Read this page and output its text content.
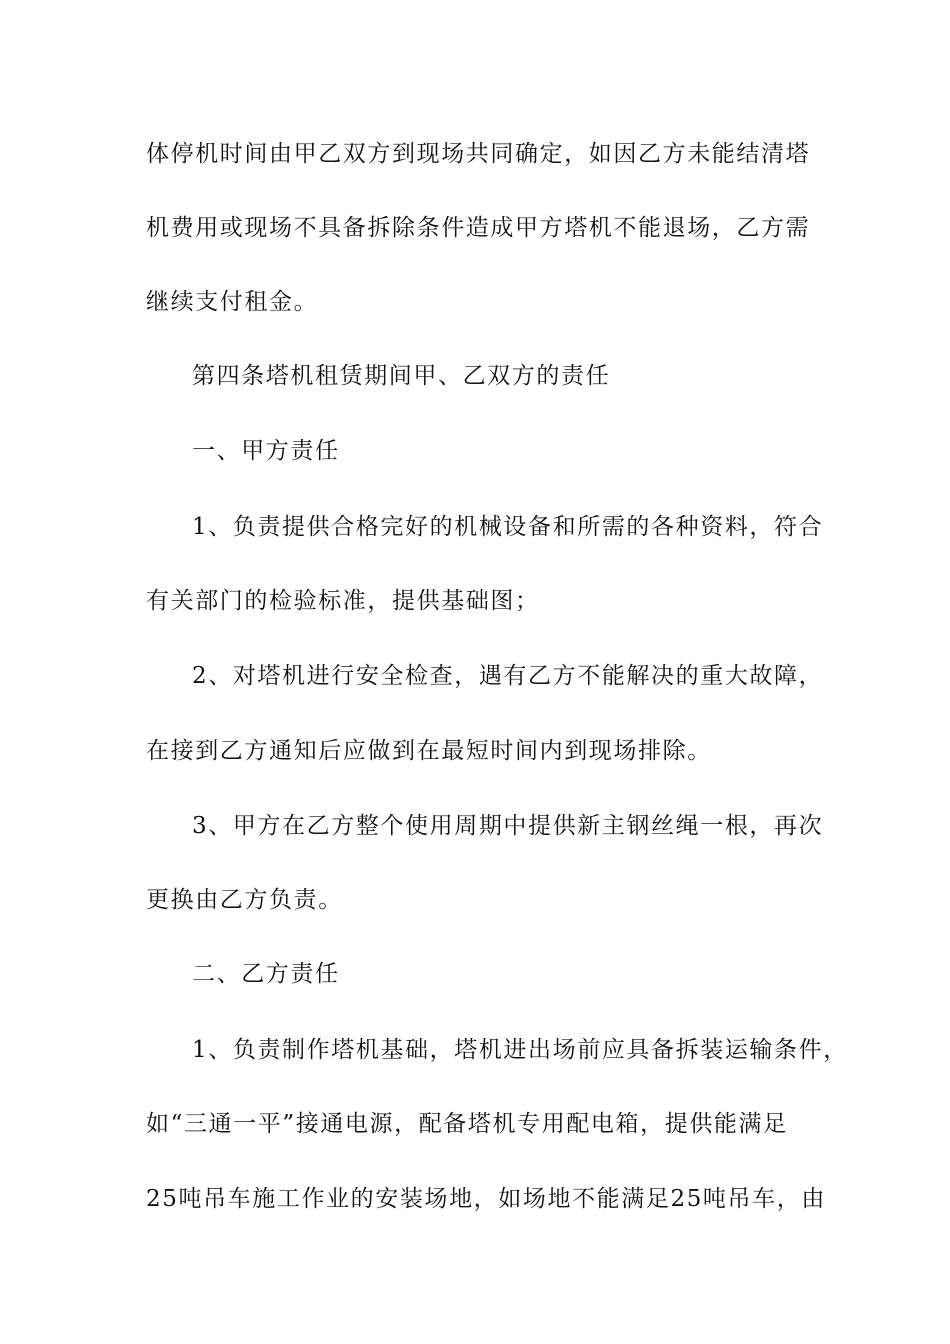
体停机时间由甲乙双方到现场共同确定，如因乙方未能结清塔
机费用或现场不具备拆除条件造成甲方塔机不能退场，乙方需
继续支付租金。
第四条塔机租赁期间甲、乙双方的责任
一、甲方责任
1、负责提供合格完好的机械设备和所需的各种资料，符合
有关部门的检验标准，提供基础图；
2、对塔机进行安全检查，遇有乙方不能解决的重大故障，
在接到乙方通知后应做到在最短时间内到现场排除。
3、甲方在乙方整个使用周期中提供新主钢丝绳一根，再次
更换由乙方负责。
二、乙方责任
1、负责制作塔机基础，塔机进出场前应具备拆装运输条件，
如“三通一平”接通电源，配备塔机专用配电箱，提供能满足
25吨吊车施工作业的安装场地，如场地不能满足25吨吊车，由
